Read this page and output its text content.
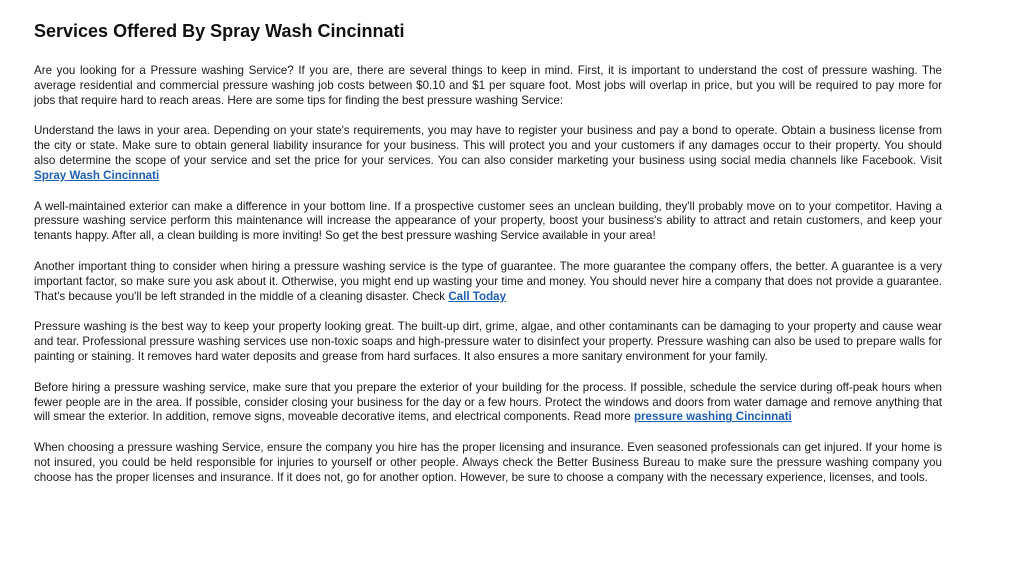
Services Offered By Spray Wash Cincinnati

Are you looking for a Pressure washing Service? If you are, there are several things to keep in mind. First, it is important to understand the cost of pressure washing. The average residential and commercial pressure washing job costs between $0.10 and $1 per square foot. Most jobs will overlap in price, but you will be required to pay more for jobs that require hard to reach areas. Here are some tips for finding the best pressure washing Service:

Understand the laws in your area. Depending on your state's requirements, you may have to register your business and pay a bond to operate. Obtain a business license from the city or state. Make sure to obtain general liability insurance for your business. This will protect you and your customers if any damages occur to their property. You should also determine the scope of your service and set the price for your services. You can also consider marketing your business using social media channels like Facebook. Visit Spray Wash Cincinnati

A well-maintained exterior can make a difference in your bottom line. If a prospective customer sees an unclean building, they'll probably move on to your competitor. Having a pressure washing service perform this maintenance will increase the appearance of your property, boost your business's ability to attract and retain customers, and keep your tenants happy. After all, a clean building is more inviting! So get the best pressure washing Service available in your area!

Another important thing to consider when hiring a pressure washing service is the type of guarantee. The more guarantee the company offers, the better. A guarantee is a very important factor, so make sure you ask about it. Otherwise, you might end up wasting your time and money. You should never hire a company that does not provide a guarantee. That's because you'll be left stranded in the middle of a cleaning disaster. Check Call Today

Pressure washing is the best way to keep your property looking great. The built-up dirt, grime, algae, and other contaminants can be damaging to your property and cause wear and tear. Professional pressure washing services use non-toxic soaps and high-pressure water to disinfect your property. Pressure washing can also be used to prepare walls for painting or staining. It removes hard water deposits and grease from hard surfaces. It also ensures a more sanitary environment for your family.

Before hiring a pressure washing service, make sure that you prepare the exterior of your building for the process. If possible, schedule the service during off-peak hours when fewer people are in the area. If possible, consider closing your business for the day or a few hours. Protect the windows and doors from water damage and remove anything that will smear the exterior. In addition, remove signs, moveable decorative items, and electrical components. Read more pressure washing Cincinnati

When choosing a pressure washing Service, ensure the company you hire has the proper licensing and insurance. Even seasoned professionals can get injured. If your home is not insured, you could be held responsible for injuries to yourself or other people. Always check the Better Business Bureau to make sure the pressure washing company you choose has the proper licenses and insurance. If it does not, go for another option. However, be sure to choose a company with the necessary experience, licenses, and tools.
